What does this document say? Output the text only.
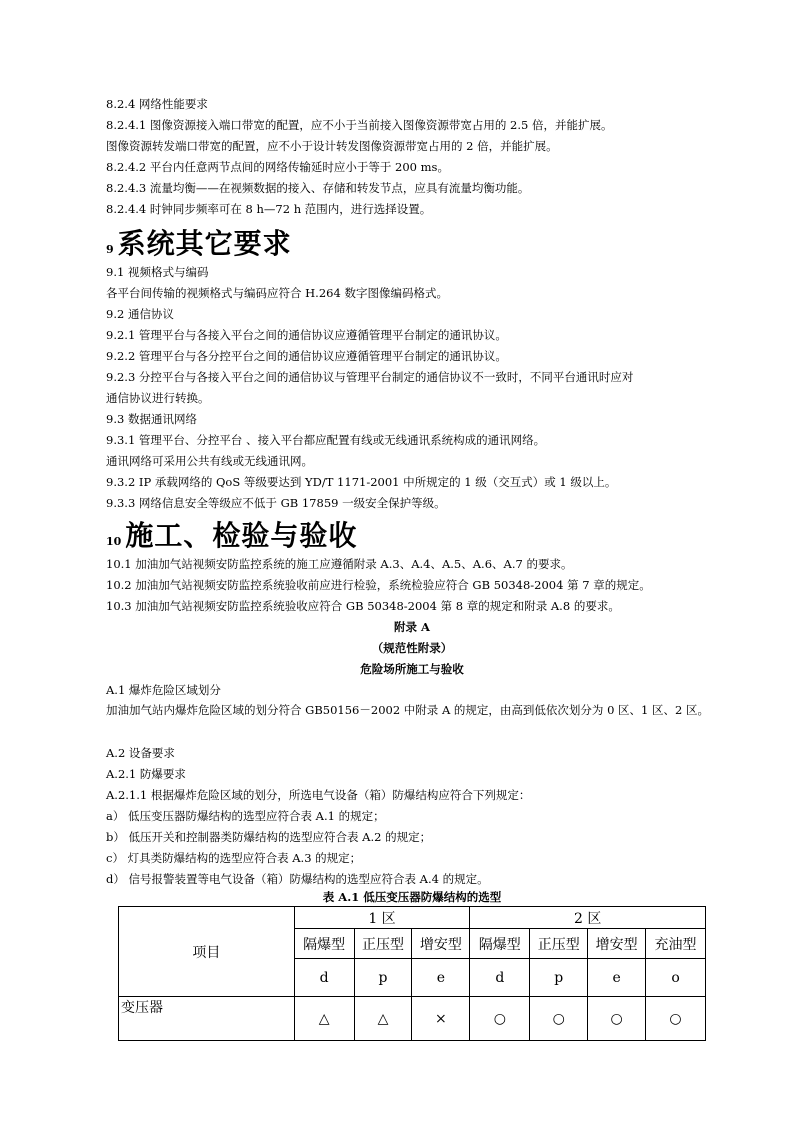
8.2.4 网络性能要求
8.2.4.1 图像资源接入端口带宽的配置，应不小于当前接入图像资源带宽占用的 2.5 倍，并能扩展。
图像资源转发端口带宽的配置，应不小于设计转发图像资源带宽占用的 2 倍，并能扩展。
8.2.4.2 平台内任意两节点间的网络传输延时应小于等于 200 ms。
8.2.4.3 流量均衡——在视频数据的接入、存储和转发节点，应具有流量均衡功能。
8.2.4.4 时钟同步频率可在 8 h—72 h 范围内，进行选择设置。
9 系统其它要求
9.1 视频格式与编码
各平台间传输的视频格式与编码应符合 H.264 数字图像编码格式。
9.2 通信协议
9.2.1 管理平台与各接入平台之间的通信协议应遵循管理平台制定的通讯协议。
9.2.2 管理平台与各分控平台之间的通信协议应遵循管理平台制定的通讯协议。
9.2.3 分控平台与各接入平台之间的通信协议与管理平台制定的通信协议不一致时，不同平台通讯时应对
通信协议进行转换。
9.3 数据通讯网络
9.3.1 管理平台、分控平台 、接入平台都应配置有线或无线通讯系统构成的通讯网络。
通讯网络可采用公共有线或无线通讯网。
9.3.2 IP 承载网络的 QoS 等级要达到 YD/T 1171-2001 中所规定的 1 级（交互式）或 1 级以上。
9.3.3 网络信息安全等级应不低于 GB 17859 一级安全保护等级。
10 施工、检验与验收
10.1 加油加气站视频安防监控系统的施工应遵循附录 A.3、A.4、A.5、A.6、A.7 的要求。
10.2 加油加气站视频安防监控系统验收前应进行检验，系统检验应符合 GB 50348-2004 第 7 章的规定。
10.3 加油加气站视频安防监控系统验收应符合 GB 50348-2004 第 8 章的规定和附录 A.8 的要求。
附录 A
（规范性附录）
危险场所施工与验收
A.1 爆炸危险区域划分
加油加气站内爆炸危险区域的划分符合 GB50156－2002 中附录 A 的规定，由高到低依次划分为 0 区、1 区、2 区。
A.2 设备要求
A.2.1 防爆要求
A.2.1.1 根据爆炸危险区域的划分，所选电气设备（箱）防爆结构应符合下列规定：
a） 低压变压器防爆结构的选型应符合表 A.1 的规定；
b） 低压开关和控制器类防爆结构的选型应符合表 A.2 的规定；
c） 灯具类防爆结构的选型应符合表 A.3 的规定；
d） 信号报警装置等电气设备（箱）防爆结构的选型应符合表 A.4 的规定。
表 A.1 低压变压器防爆结构的选型
项目	1 区			2 区			
	隔爆型	正压型	增安型	隔爆型	正压型	增安型	充油型
	d	p	e	d	p	e	o
变压器	△	△	×	○	○	○	○
